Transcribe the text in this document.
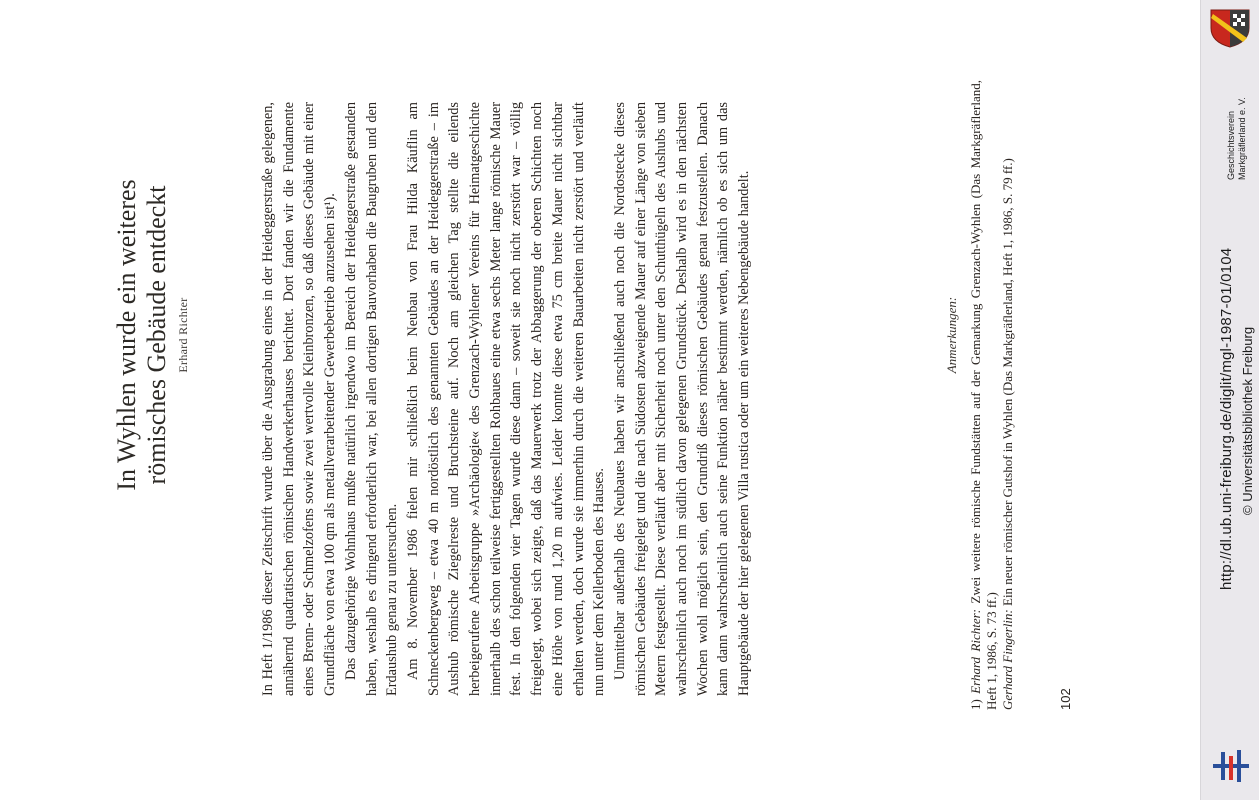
In Wyhlen wurde ein weiteres römisches Gebäude entdeckt Erhard Richter	In Heft 1/1986 dieser Zeitschrift wurde über die Ausgrabung eines in der Heideggerstraße gelegenen, annähernd quadratischen römischen Handwerkerhauses berichtet. Dort fanden wir die Fundamente eines Brenn- oder Schmelzofens sowie zwei wertvolle Kleinbronzen, so daß dieses Gebäude mit einer Grundfläche von etwa 100 qm als metallverarbeitender Gewerbebetrieb anzusehen ist¹). Das dazugehörige Wohnhaus mußte natürlich irgendwo im Bereich der Heideggerstraße gestanden haben, weshalb es dringend erforderlich war, bei allen dortigen Bauvorhaben die Baugruben und den Erdaushub genau zu untersuchen. Am 8. November 1986 fielen mir schließlich beim Neubau von Frau Hilda Käuflin am Schneckenbergweg – etwa 40 m nordöstlich des genannten Gebäudes an der Heideggerstraße – im Aushub römische Ziegelreste und Bruchsteine auf. Noch am gleichen Tag stellte die eilends herbeigerufene Arbeitsgruppe »Archäologie« des Grenzach-Wyhlener Vereins für Heimatgeschichte innerhalb des schon teilweise fertiggestellten Rohbaues eine etwa sechs Meter lange römische Mauer fest. In den folgenden vier Tagen wurde diese dann – soweit sie noch nicht zerstört war – völlig freigelegt, wobei sich zeigte, daß das Mauerwerk trotz der Abbaggerung der oberen Schichten noch eine Höhe von rund 1,20 m aufwies. Leider konnte diese etwa 75 cm breite Mauer nicht sichtbar erhalten werden, doch wurde sie immerhin durch die weiteren Bauarbeiten nicht zerstört und verläuft nun unter dem Kellerboden des Hauses. Unmittelbar außerhalb des Neubaues haben wir anschließend auch noch die Nordostecke dieses römischen Gebäudes freigelegt und die nach Südosten abzweigende Mauer auf einer Länge von sieben Metern festgestellt. Diese verläuft aber mit Sicherheit noch unter den Schutthügeln des Aushubs und wahrscheinlich auch noch im südlich davon gelegenen Grundstück. Deshalb wird es in den nächsten Wochen wohl möglich sein, den Grundriß dieses römischen Gebäudes genau festzustellen. Danach kann dann wahrscheinlich auch seine Funktion näher bestimmt werden, nämlich ob es sich um das Hauptgebäude der hier gelegenen Villa rustica oder um ein weiteres Nebengebäude handelt.	Anmerkungen:

1) Erhard Richter: Zwei weitere römische Fundstätten auf der Gemarkung Grenzach-Wyhlen (Das Markgräflerland, Heft 1, 1986, S. 73 ff.) Gerhard Fingerlin: Ein neuer römischer Gutshof in Wyhlen (Das Markgräflerland, Heft 1, 1986, S. 79 ff.)

102
Geschichtsverein Markgräflerland e. V.
http://dl.ub.uni-freiburg.de/diglit/mgl-1987-01/0104 © Universitätsbibliothek Freiburg
